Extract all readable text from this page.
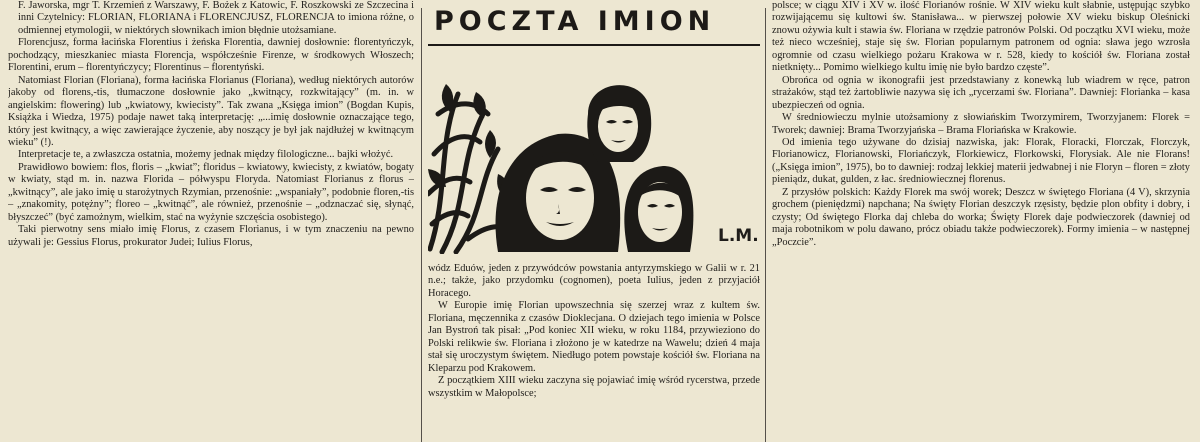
F. Jaworska, mgr T. Krzemień z Warszawy, F. Bożek z Katowic, F. Roszkowski ze Szczecina i inni Czytelnicy: FLORIAN, FLORIANA i FLORENCJUSZ, FLORENCJA to imiona różne, o odmiennej etymologii, w niektórych słownikach imion błędnie utożsamiane.

Florencjusz, forma łacińska Florentius i żeńska Florentia, dawniej dosłownie: florentyńczyk, pochodzący, mieszkaniec miasta Florencja, współcześnie Firenze, w środkowych Włoszech; Florentini, erum – florentyńczycy; Florentinus – florentyński.

Natomiast Florian (Floriana), forma łacińska Florianus (Floriana), według niektórych autorów jakoby od florens,-tis, tłumaczone dosłownie jako „kwitnący, rozkwitający” (m. in. w angielskim: flowering) lub „kwiatowy, kwiecisty”. Tak zwana „Księga imion” (Bogdan Kupis, Książka i Wiedza, 1975) podaje nawet taką interpretację: „...imię dosłownie oznaczające tego, który jest kwitnący, a więc zawierające życzenie, aby noszący je był jak najdłużej w kwitnącym wieku” (!).

Interpretacje te, a zwłaszcza ostatnia, możemy jednak między filologiczne... bajki włożyć.

Prawidłowo bowiem: flos, floris – „kwiat”; floridus – kwiatowy, kwiecisty, z kwiatów, bogaty w kwiaty, stąd m. in. nazwa Florida – półwyspu Floryda. Natomiast Florianus z florus – „kwitnący”, ale jako imię u starożytnych Rzymian, przenośnie: „wspaniały”, podobnie floren,-tis – „znakomity, potężny”; floreo – „kwitnąć”, ale również, przenośnie – „odznaczać się, słynąć, błyszczeć” (być zamożnym, wielkim, stać na wyżynie szczęścia osobistego).

Taki pierwotny sens miało imię Florus, z czasem Florianus, i w tym znaczeniu na pewno używali je: Gessius Florus, prokurator Judei; Iulius Florus,

POCZTA IMION
L.M.

wódz Eduów, jeden z przywódców powstania antyrzymskiego w Galii w r. 21 n.e.; także, jako przydomku (cognomen), poeta Iulius, jeden z przyjaciół Horacego.

W Europie imię Florian upowszechnia się szerzej wraz z kultem św. Floriana, męczennika z czasów Dioklecjana. O dziejach tego imienia w Polsce Jan Bystroń tak pisał: „Pod koniec XII wieku, w roku 1184, przywieziono do Polski relikwie św. Floriana i złożono je w katedrze na Wawelu; dzień 4 maja stał się uroczystym świętem. Niedługo potem powstaje kościół św. Floriana na Kleparzu pod Krakowem.

Z początkiem XIII wieku zaczyna się pojawiać imię wśród rycerstwa, przede wszystkim w Małopolsce;

polsce; w ciągu XIV i XV w. ilość Florianów rośnie. W XIV wieku kult słabnie, ustępując szybko rozwijającemu się kultowi św. Stanisława... w pierwszej połowie XV wieku biskup Oleśnicki znowu ożywia kult i stawia św. Floriana w rzędzie patronów Polski. Od początku XVI wieku, może też nieco wcześniej, staje się św. Florian popularnym patronem od ognia: sława jego wzrosła ogromnie od czasu wielkiego pożaru Krakowa w r. 528, kiedy to kościół św. Floriana został nietknięty... Pomimo wielkiego kultu imię nie było bardzo częste”.

Obrońca od ognia w ikonografii jest przedstawiany z konewką lub wiadrem w ręce, patron strażaków, stąd też żartobliwie nazywa się ich „rycerzami św. Floriana”. Dawniej: Florianka – kasa ubezpieczeń od ognia.

W średniowieczu mylnie utożsamiony z słowiańskim Tworzymirem, Tworzyjanem: Florek = Tworek; dawniej: Brama Tworzyjańska – Brama Floriańska w Krakowie.

Od imienia tego używane do dzisiaj nazwiska, jak: Florak, Floracki, Florczak, Florczyk, Florianowicz, Florianowski, Floriańczyk, Florkiewicz, Florkowski, Florysiak. Ale nie Florans! („Księga imion”, 1975), bo to dawniej: rodzaj lekkiej materii jedwabnej i nie Floryn – floren = złoty pieniądz, dukat, gulden, z łac. średniowiecznej florenus.

Z przysłów polskich: Każdy Florek ma swój worek; Deszcz w świętego Floriana (4 V), skrzynia grochem (pieniędzmi) napchana; Na święty Florian deszczyk rzęsisty, będzie plon obfity i dobry, i czysty; Od świętego Florka daj chleba do worka; Święty Florek daje podwieczorek (dawniej od maja robotnikom w polu dawano, prócz obiadu także podwieczorek). Formy imienia – w następnej „Poczcie”.
